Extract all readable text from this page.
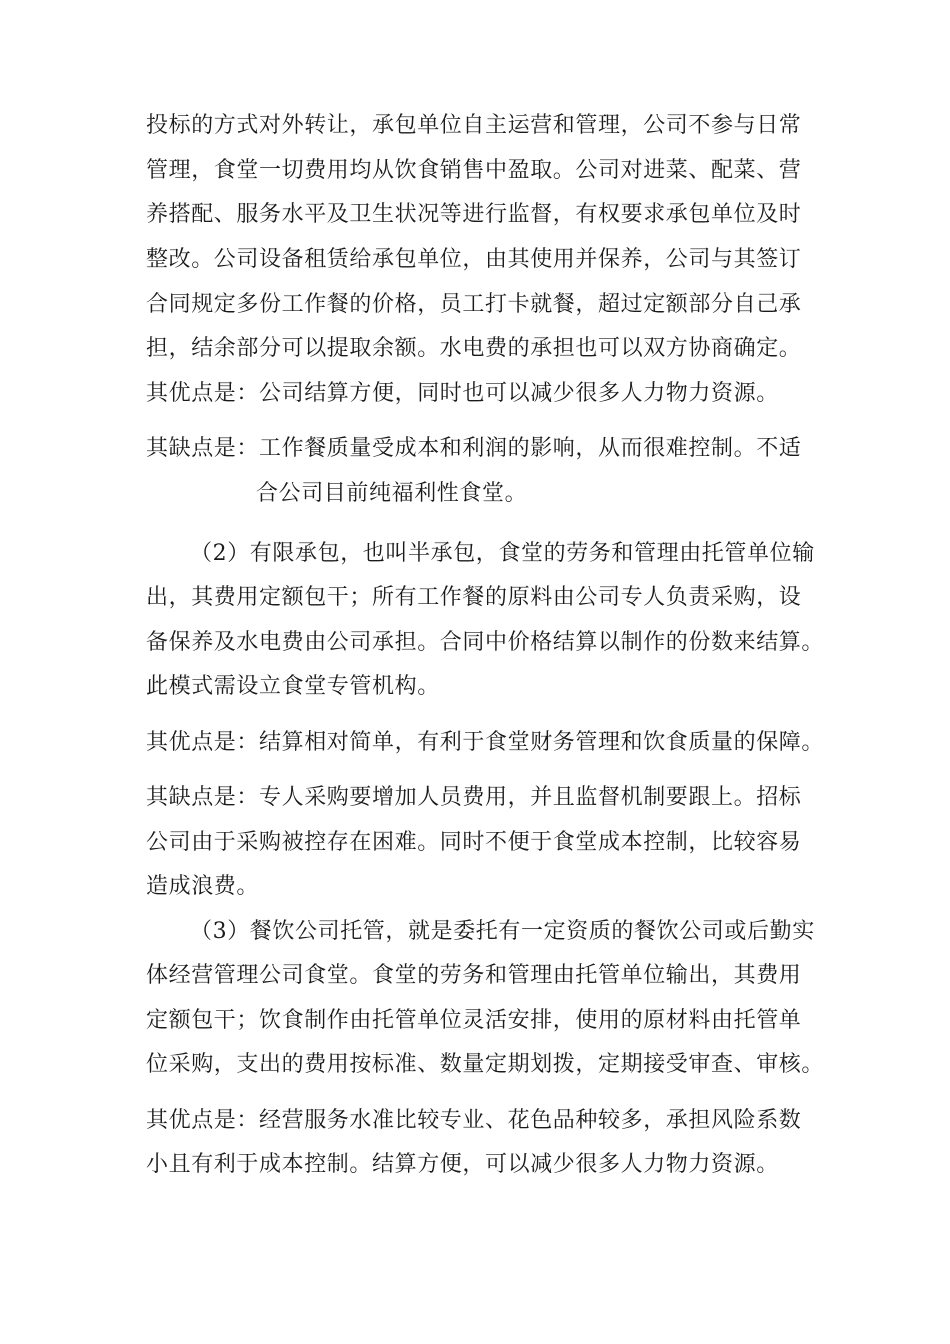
投标的方式对外转让，承包单位自主运营和管理，公司不参与日常
管理，食堂一切费用均从饮食销售中盈取。公司对进菜、配菜、营
养搭配、服务水平及卫生状况等进行监督，有权要求承包单位及时
整改。公司设备租赁给承包单位，由其使用并保养，公司与其签订
合同规定多份工作餐的价格，员工打卡就餐，超过定额部分自己承
担，结余部分可以提取余额。水电费的承担也可以双方协商确定。
其优点是：公司结算方便，同时也可以减少很多人力物力资源。
其缺点是：工作餐质量受成本和利润的影响，从而很难控制。不适
合公司目前纯福利性食堂。
（2）有限承包，也叫半承包，食堂的劳务和管理由托管单位输
出，其费用定额包干；所有工作餐的原料由公司专人负责采购，设
备保养及水电费由公司承担。合同中价格结算以制作的份数来结算。
此模式需设立食堂专管机构。
其优点是：结算相对简单，有利于食堂财务管理和饮食质量的保障。
其缺点是：专人采购要增加人员费用，并且监督机制要跟上。招标
公司由于采购被控存在困难。同时不便于食堂成本控制，比较容易
造成浪费。
（3）餐饮公司托管，就是委托有一定资质的餐饮公司或后勤实
体经营管理公司食堂。食堂的劳务和管理由托管单位输出，其费用
定额包干；饮食制作由托管单位灵活安排，使用的原材料由托管单
位采购，支出的费用按标准、数量定期划拨，定期接受审查、审核。
其优点是：经营服务水准比较专业、花色品种较多，承担风险系数
小且有利于成本控制。结算方便，可以减少很多人力物力资源。
